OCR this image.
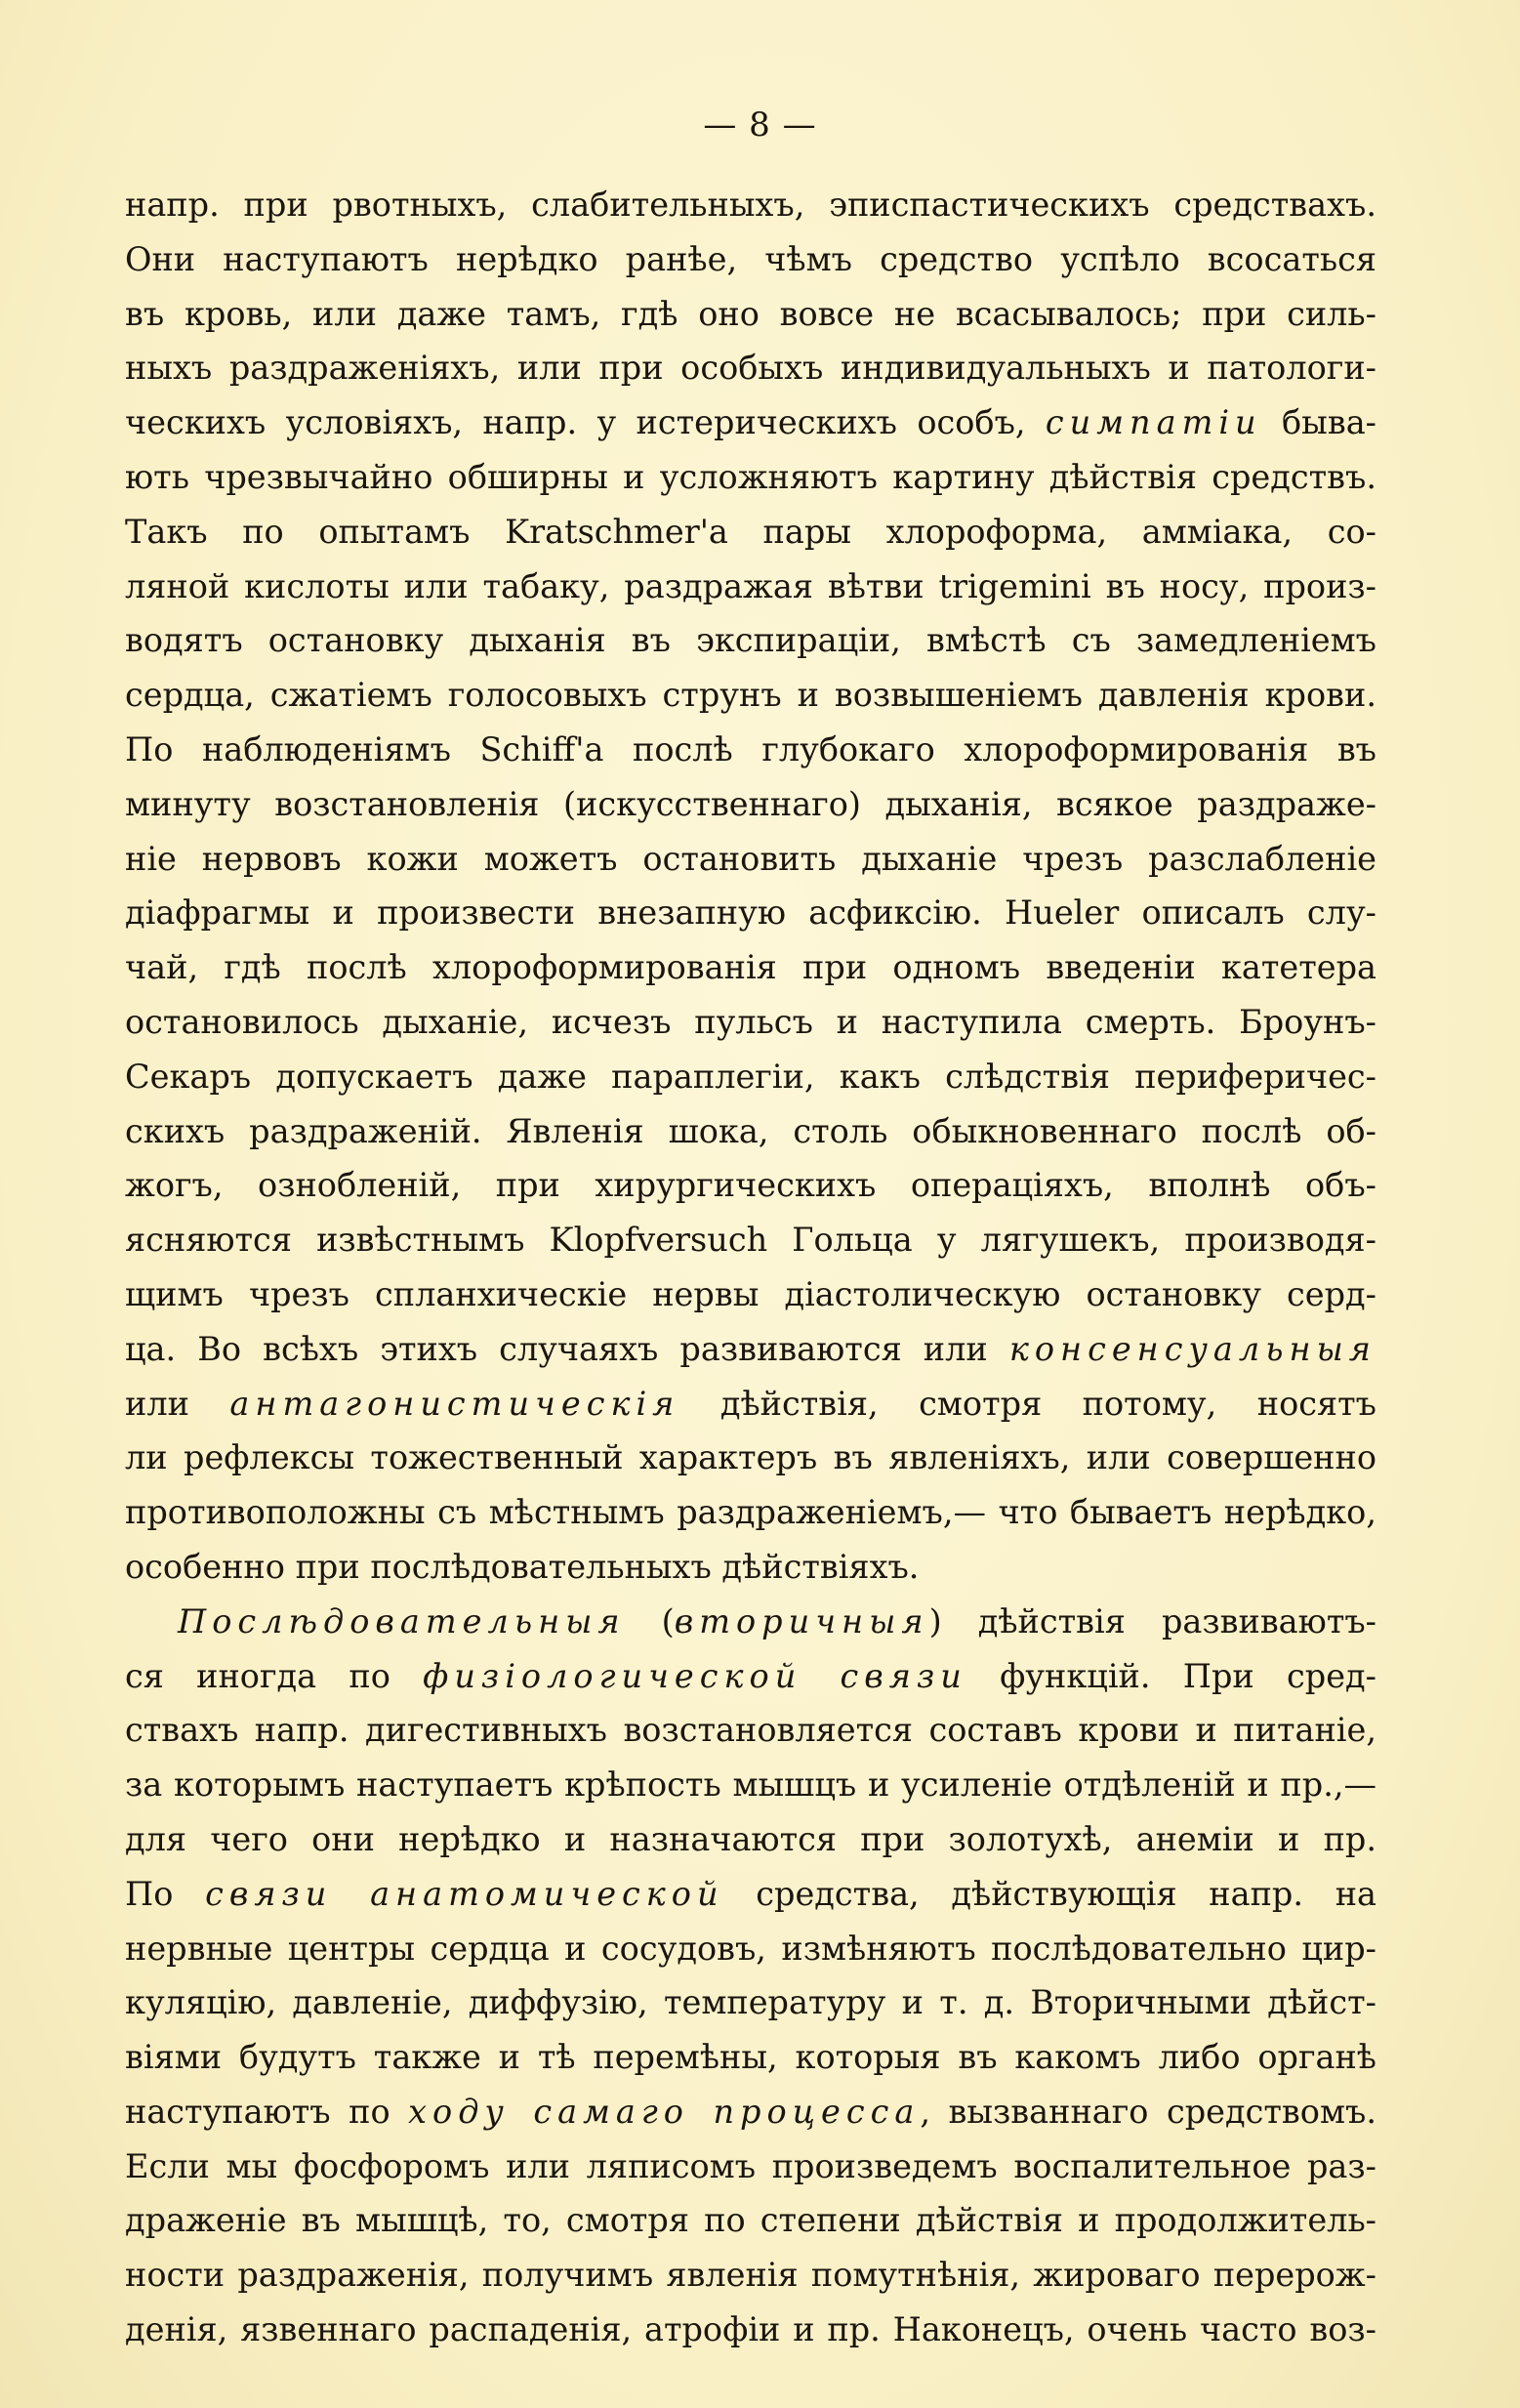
— 8 —
напр. при рвотныхъ, слабительныхъ, эписпастическихъ средствахъ.
Они наступаютъ нерѣдко ранѣе, чѣмъ средство успѣло всосаться
въ кровь, или даже тамъ, гдѣ оно вовсе не всасывалось; при силь-
ныхъ раздраженіяхъ, или при особыхъ индивидуальныхъ и патологи-
ческихъ условіяхъ, напр. у истерическихъ особъ, симпатіи быва-
ють чрезвычайно обширны и усложняютъ картину дѣйствія средствъ.
Такъ по опытамъ Kratschmer'a пары хлороформа, амміака, со-
ляной кислоты или табаку, раздражая вѣтви trigemini въ носу, произ-
водятъ остановку дыханія въ экспираціи, вмѣстѣ съ замедленіемъ
сердца, сжатіемъ голосовыхъ струнъ и возвышеніемъ давленія крови.
По наблюденіямъ Schiff'a послѣ глубокаго хлороформированія въ
минуту возстановленія (искусственнаго) дыханія, всякое раздраже-
ніе нервовъ кожи можетъ остановить дыханіе чрезъ разслабленіе
діафрагмы и произвести внезапную асфиксію. Hueler описалъ слу-
чай, гдѣ послѣ хлороформированія при одномъ введеніи катетера
остановилось дыханіе, исчезъ пульсъ и наступила смерть. Броунъ-
Секаръ допускаетъ даже параплегіи, какъ слѣдствія периферичес-
скихъ раздраженій. Явленія шока, столь обыкновеннаго послѣ об-
жогъ, ознобленій, при хирургическихъ операціяхъ, вполнѣ объ-
ясняются извѣстнымъ Klopfversuch Гольца у лягушекъ, производя-
щимъ чрезъ спланхическіе нервы діастолическую остановку серд-
ца. Во всѣхъ этихъ случаяхъ развиваются или консенсуальныя
или антагонистическія дѣйствія, смотря потому, носятъ
ли рефлексы тожественный характеръ въ явленіяхъ, или совершенно
противоположны съ мѣстнымъ раздраженіемъ,— что бываетъ нерѣдко,
особенно при послѣдовательныхъ дѣйствіяхъ.
Послѣдовательныя (вторичныя) дѣйствія развиваютъ-
ся иногда по физіологической связи функцій. При сред-
ствахъ напр. дигестивныхъ возстановляется составъ крови и питаніе,
за которымъ наступаетъ крѣпость мышцъ и усиленіе отдѣленій и пр.,—
для чего они нерѣдко и назначаются при золотухѣ, анеміи и пр.
По связи анатомической средства, дѣйствующія напр. на
нервные центры сердца и сосудовъ, измѣняютъ послѣдовательно цир-
куляцію, давленіе, диффузію, температуру и т. д. Вторичными дѣйст-
віями будутъ также и тѣ перемѣны, которыя въ какомъ либо органѣ
наступаютъ по ходу самаго процесса, вызваннаго средствомъ.
Если мы фосфоромъ или ляписомъ произведемъ воспалительное раз-
драженіе въ мышцѣ, то, смотря по степени дѣйствія и продолжитель-
ности раздраженія, получимъ явленія помутнѣнія, жироваго перерож-
денія, язвеннаго распаденія, атрофіи и пр. Наконецъ, очень часто воз-
